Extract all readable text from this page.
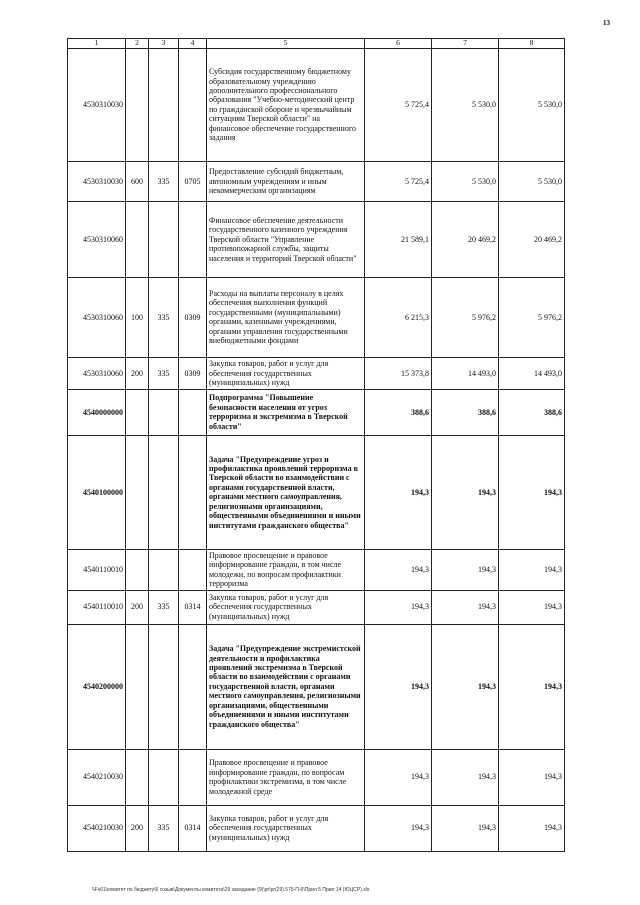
13
1	2	3	4	5	6	7	8
4530310030				Субсидия государственному бюджетному образовательному учреждению дополнительного профессионального образования "Учебно-методический центр по гражданской обороне и чрезвычайным ситуациям Тверской области" на финансовое обеспечение государственного задания	5 725,4	5 530,0	5 530,0
4530310030	600	335	0705	Предоставление субсидий бюджетным, автономным учреждениям и иным некоммерческим организациям	5 725,4	5 530,0	5 530,0
4530310060				Финансовое обеспечение деятельности государственного казенного учреждения Тверской области "Управление противопожарной службы, защиты населения и территорий Тверской области"	21 589,1	20 469,2	20 469,2
4530310060	100	335	0309	Расходы на выплаты персоналу в целях обеспечения выполнения функций государственными (муниципальными) органами, казенными учреждениями, органами управления государственными внебюджетными фондами	6 215,3	5 976,2	5 976,2
4530310060	200	335	0309	Закупка товаров, работ и услуг для обеспечения государственных (муниципальных) нужд	15 373,8	14 493,0	14 493,0
4540000000				Подпрограмма "Повышение безопасности населения от угроз терроризма и экстремизма в Тверской области"	388,6	388,6	388,6
4540100000				Задача "Предупреждение угроз и профилактика проявлений терроризма в Тверской области во взаимодействии с органами государственной власти, органами местного самоуправления, религиозными организациями, общественными объединениями и иными институтами гражданского общества"	194,3	194,3	194,3
4540110010				Правовое просвещение и правовое информирование граждан, в том числе молодежи, по вопросам профилактики терроризма	194,3	194,3	194,3
4540110010	200	335	0314	Закупка товаров, работ и услуг для обеспечения государственных (муниципальных) нужд	194,3	194,3	194,3
4540200000				Задача "Предупреждение экстремистской деятельности и профилактика проявлений экстремизма в Тверской области во взаимодействии с органами государственной власти, органами местного самоуправления, религиозными организациями, общественными объединениями и иными институтами гражданского общества"	194,3	194,3	194,3
4540210030				Правовое просвещение и правовое информирование граждан, по вопросам профилактики экстремизма, в том числе молодежной среде	194,3	194,3	194,3
4540210030	200	335	0314	Закупка товаров, работ и услуг для обеспечения государственных (муниципальных) нужд	194,3	194,3	194,3
\\Fs01\комитет по бюджету\6 созыв\Документы комитета\29 заседание (9)\pr\pr(29).575-П-6\Прил 5 Прил 14 (ЮЦСР).xls
